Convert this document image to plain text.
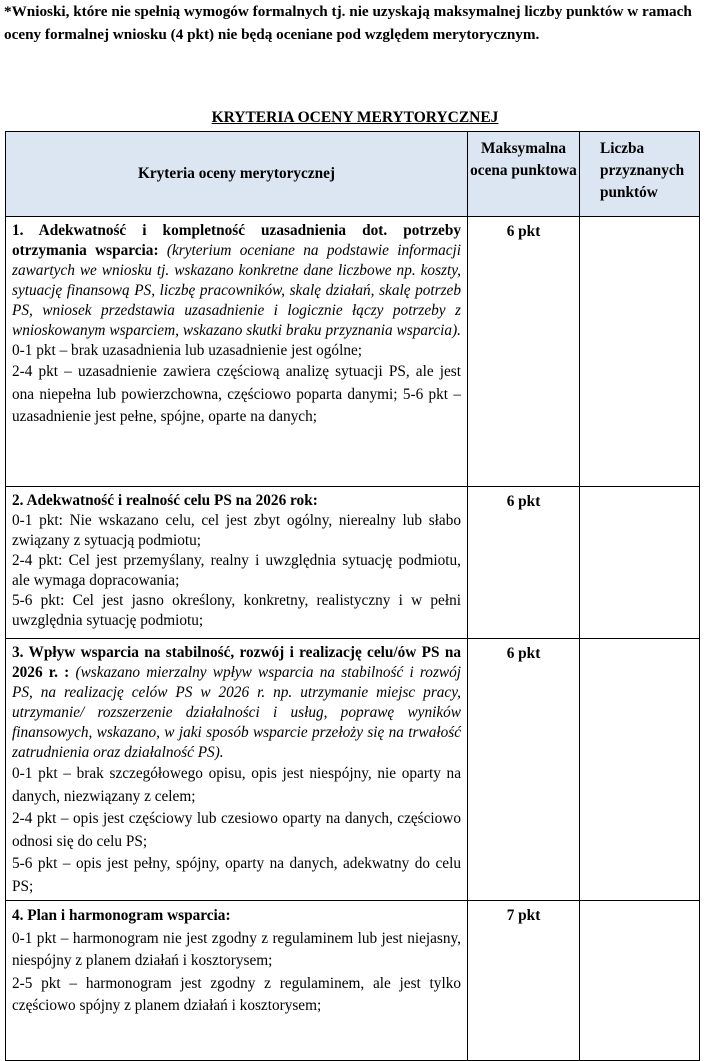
*Wnioski, które nie spełnią wymogów formalnych tj. nie uzyskają maksymalnej liczby punktów w ramach oceny formalnej wniosku (4 pkt) nie będą oceniane pod względem merytorycznym.
KRYTERIA OCENY MERYTORYCZNEJ
Kryteria oceny merytorycznej	Maksymalna ocena punktowa	Liczba przyznanych punktów

1. Adekwatność i kompletność uzasadnienia dot. potrzeby otrzymania wsparcia: (kryterium oceniane na podstawie informacji zawartych we wniosku tj. wskazano konkretne dane liczbowe np. koszty, sytuację finansową PS, liczbę pracowników, skalę działań, skalę potrzeb PS, wniosek przedstawia uzasadnienie i logicznie łączy potrzeby z wnioskowanym wsparciem, wskazano skutki braku przyznania wsparcia). 0-1 pkt – brak uzasadnienia lub uzasadnienie jest ogólne;

2-4 pkt – uzasadnienie zawiera częściową analizę sytuacji PS, ale jest ona niepełna lub powierzchowna, częściowo poparta danymi; 5-6 pkt – uzasadnienie jest pełne, spójne, oparte na danych;	6 pkt	

2. Adekwatność i realność celu PS na 2026 rok:

0-1 pkt: Nie wskazano celu, cel jest zbyt ogólny, nierealny lub słabo związany z sytuacją podmiotu;

2-4 pkt: Cel jest przemyślany, realny i uwzględnia sytuację podmiotu, ale wymaga dopracowania;

5-6 pkt: Cel jest jasno określony, konkretny, realistyczny i w pełni uwzględnia sytuację podmiotu;	6 pkt	
3. Wpływ wsparcia na stabilność, rozwój i realizację celu/ów PS na 2026 r. : (wskazano mierzalny wpływ wsparcia na stabilność i rozwój PS, na realizację celów PS w 2026 r. np. utrzymanie miejsc pracy, utrzymanie/ rozszerzenie działalności i usług, poprawę wyników finansowych, wskazano, w jaki sposób wsparcie przełoży się na trwałość zatrudnienia oraz działalność PS).

0-1 pkt – brak szczegółowego opisu, opis jest niespójny, nie oparty na danych, niezwiązany z celem;

2-4 pkt – opis jest częściowy lub czesiowo oparty na danych, częściowo odnosi się do celu PS;

5-6 pkt – opis jest pełny, spójny, oparty na danych, adekwatny do celu PS;	6 pkt	

4. Plan i harmonogram wsparcia:

0-1 pkt – harmonogram nie jest zgodny z regulaminem lub jest niejasny, niespójny z planem działań i kosztorysem;

2-5 pkt – harmonogram jest zgodny z regulaminem, ale jest tylko częściowo spójny z planem działań i kosztorysem;	7 pkt	
